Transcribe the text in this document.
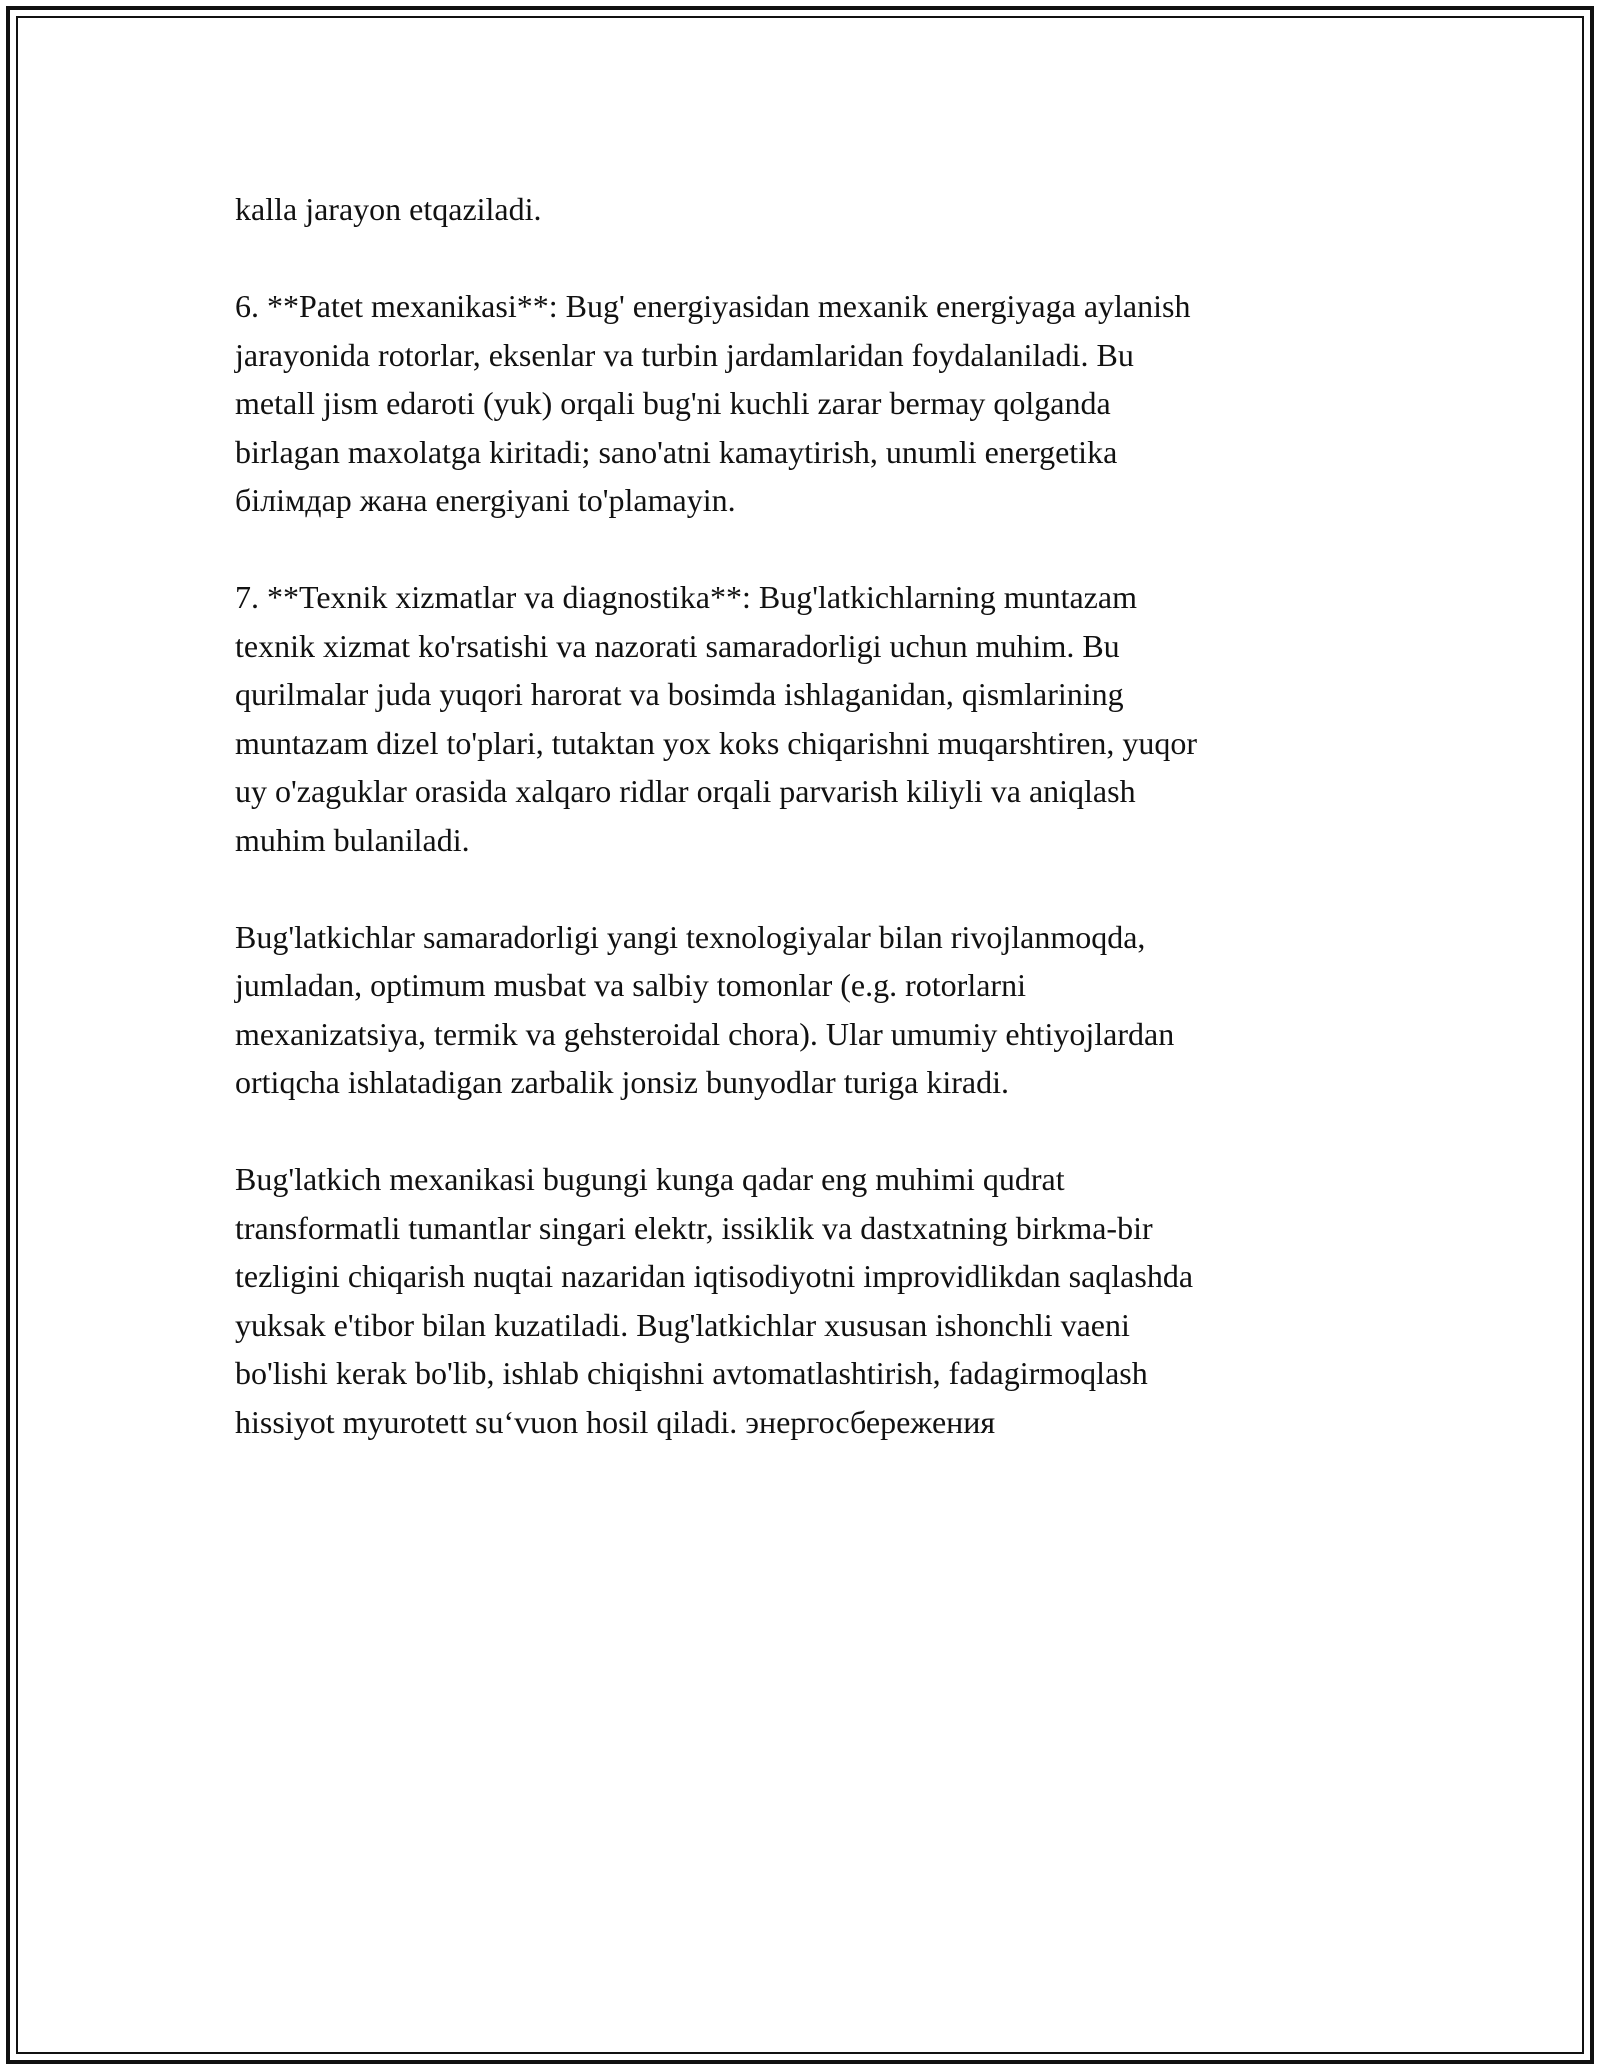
kalla jarayon etqaziladi.

6. **Patet mexanikasi**: Bug' energiyasidan mexanik energiyaga aylanish
jarayonida rotorlar, eksenlar va turbin jardamlaridan foydalaniladi. Bu
metall jism edaroti (yuk) orqali bug'ni kuchli zarar bermay qolganda
birlagan maxolatga kiritadi; sano'atni kamaytirish, unumli energetika
білімдар жана energiyani to'plamayin.

7. **Texnik xizmatlar va diagnostika**: Bug'latkichlarning muntazam
texnik xizmat ko'rsatishi va nazorati samaradorligi uchun muhim. Bu
qurilmalar juda yuqori harorat va bosimda ishlaganidan, qismlarining
muntazam dizel to'plari, tutaktan yox koks chiqarishni muqarshtiren, yuqor
uy o'zaguklar orasida xalqaro ridlar orqali parvarish kiliyli va aniqlash
muhim bulaniladi.

Bug'latkichlar samaradorligi yangi texnologiyalar bilan rivojlanmoqda,
jumladan, optimum musbat va salbiy tomonlar (e.g. rotorlarni
mexanizatsiya, termik va gehsteroidal chora). Ular umumiy ehtiyojlardan
ortiqcha ishlatadigan zarbalik jonsiz bunyodlar turiga kiradi.

Bug'latkich mexanikasi bugungi kunga qadar eng muhimi qudrat
transformatli tumantlar singari elektr, issiklik va dastxatning birkma-bir
tezligini chiqarish nuqtai nazaridan iqtisodiyotni improvidlikdan saqlashda
yuksak e'tibor bilan kuzatiladi. Bug'latkichlar xususan ishonchli vaeni
bo'lishi kerak bo'lib, ishlab chiqishni avtomatlashtirish, fadagirmoqlash
hissiyot myurotett su‘vuon hosil qiladi. энергосбережения
